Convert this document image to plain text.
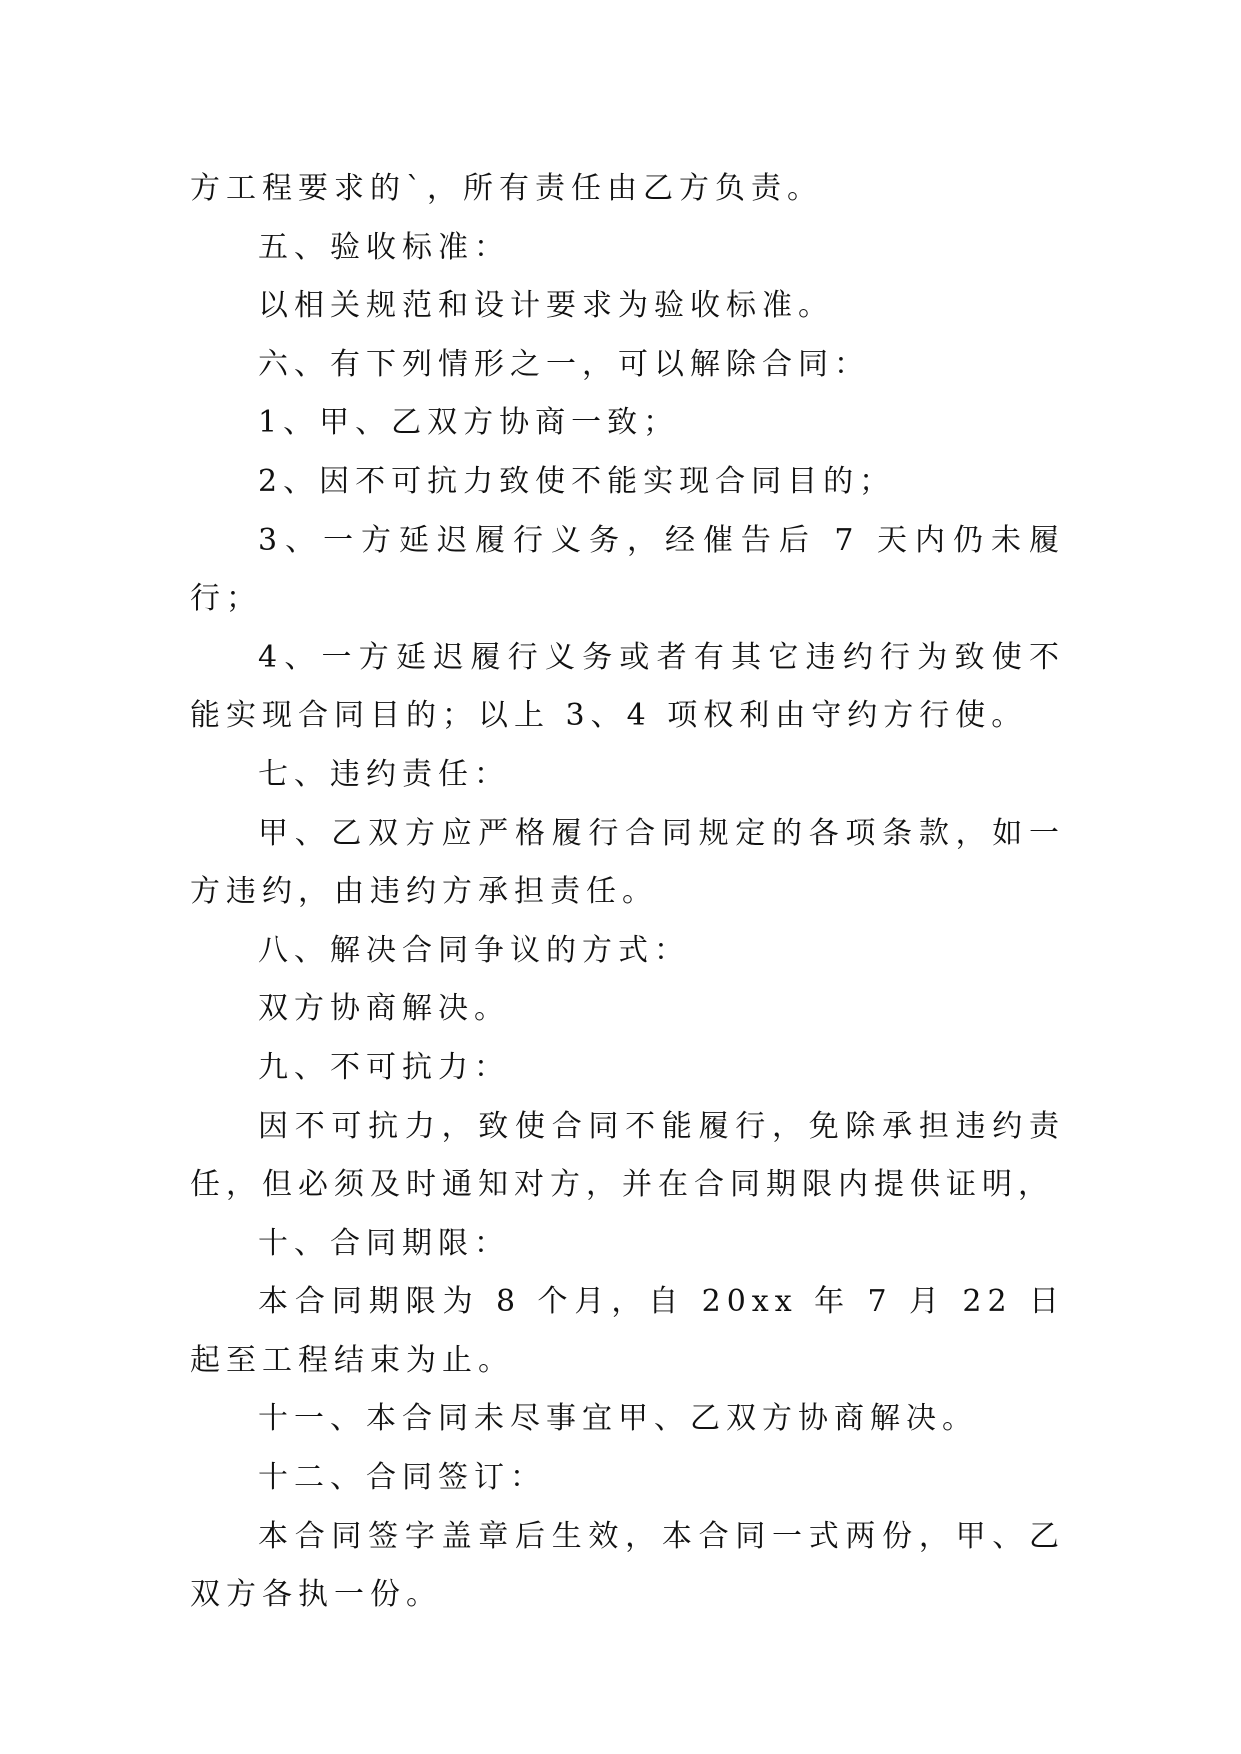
方工程要求的`，所有责任由乙方负责。

五、验收标准：

以相关规范和设计要求为验收标准。

六、有下列情形之一，可以解除合同：

1、甲、乙双方协商一致；

2、因不可抗力致使不能实现合同目的；

3、一方延迟履行义务，经催告后 7 天内仍未履行；

4、一方延迟履行义务或者有其它违约行为致使不能实现合同目的；以上 3、4 项权利由守约方行使。

七、违约责任：

甲、乙双方应严格履行合同规定的各项条款，如一方违约，由违约方承担责任。

八、解决合同争议的方式：

双方协商解决。

九、不可抗力：

因不可抗力，致使合同不能履行，免除承担违约责任，但必须及时通知对方，并在合同期限内提供证明，

十、合同期限：

本合同期限为 8 个月，自 20xx 年 7 月 22 日起至工程结束为止。

十一、本合同未尽事宜甲、乙双方协商解决。

十二、合同签订：

本合同签字盖章后生效，本合同一式两份，甲、乙双方各执一份。
